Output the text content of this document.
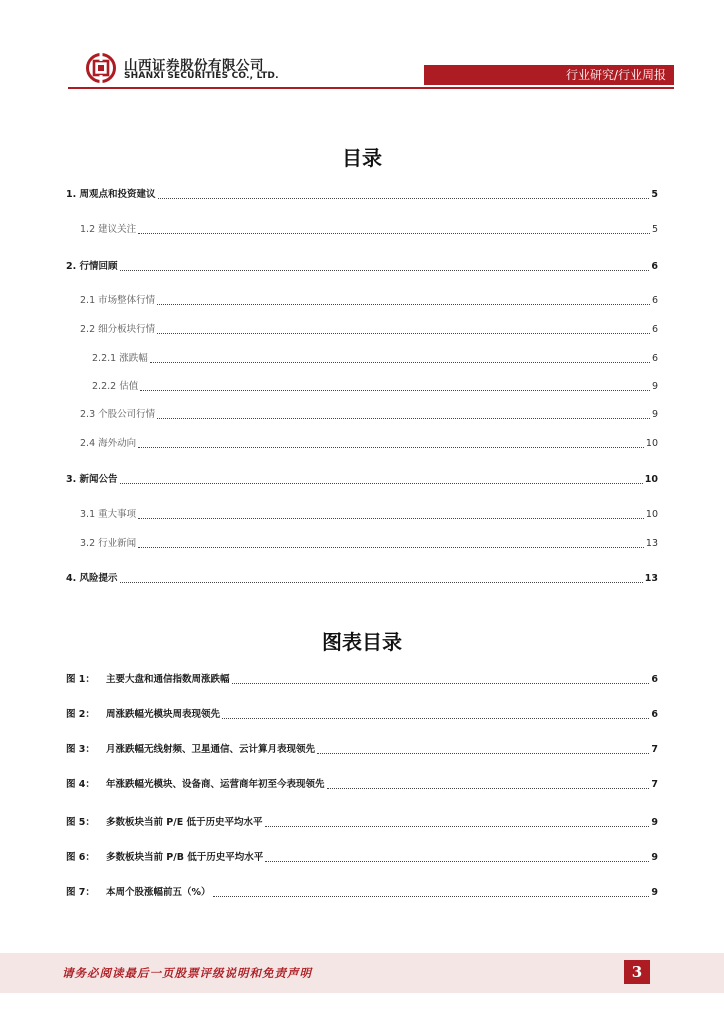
山西证券股份有限公司
SHANXI SECURITIES CO., LTD.	行业研究/行业周报
目录
1. 周观点和投资建议	5
1.2 建议关注	5
2. 行情回顾	6
2.1 市场整体行情	6
2.2 细分板块行情	6
2.2.1 涨跌幅	6
2.2.2 估值	9
2.3 个股公司行情	9
2.4 海外动向	10
3. 新闻公告	10
3.1 重大事项	10
3.2 行业新闻	13
4. 风险提示	13
图表目录
图 1： 主要大盘和通信指数周涨跌幅	6
图 2： 周涨跌幅光模块周表现领先	6
图 3： 月涨跌幅无线射频、卫星通信、云计算月表现领先	7
图 4： 年涨跌幅光模块、设备商、运营商年初至今表现领先	7
图 5： 多数板块当前 P/E 低于历史平均水平	9
图 6： 多数板块当前 P/B 低于历史平均水平	9
图 7： 本周个股涨幅前五（%）	9
请务必阅读最后一页股票评级说明和免责声明	3
